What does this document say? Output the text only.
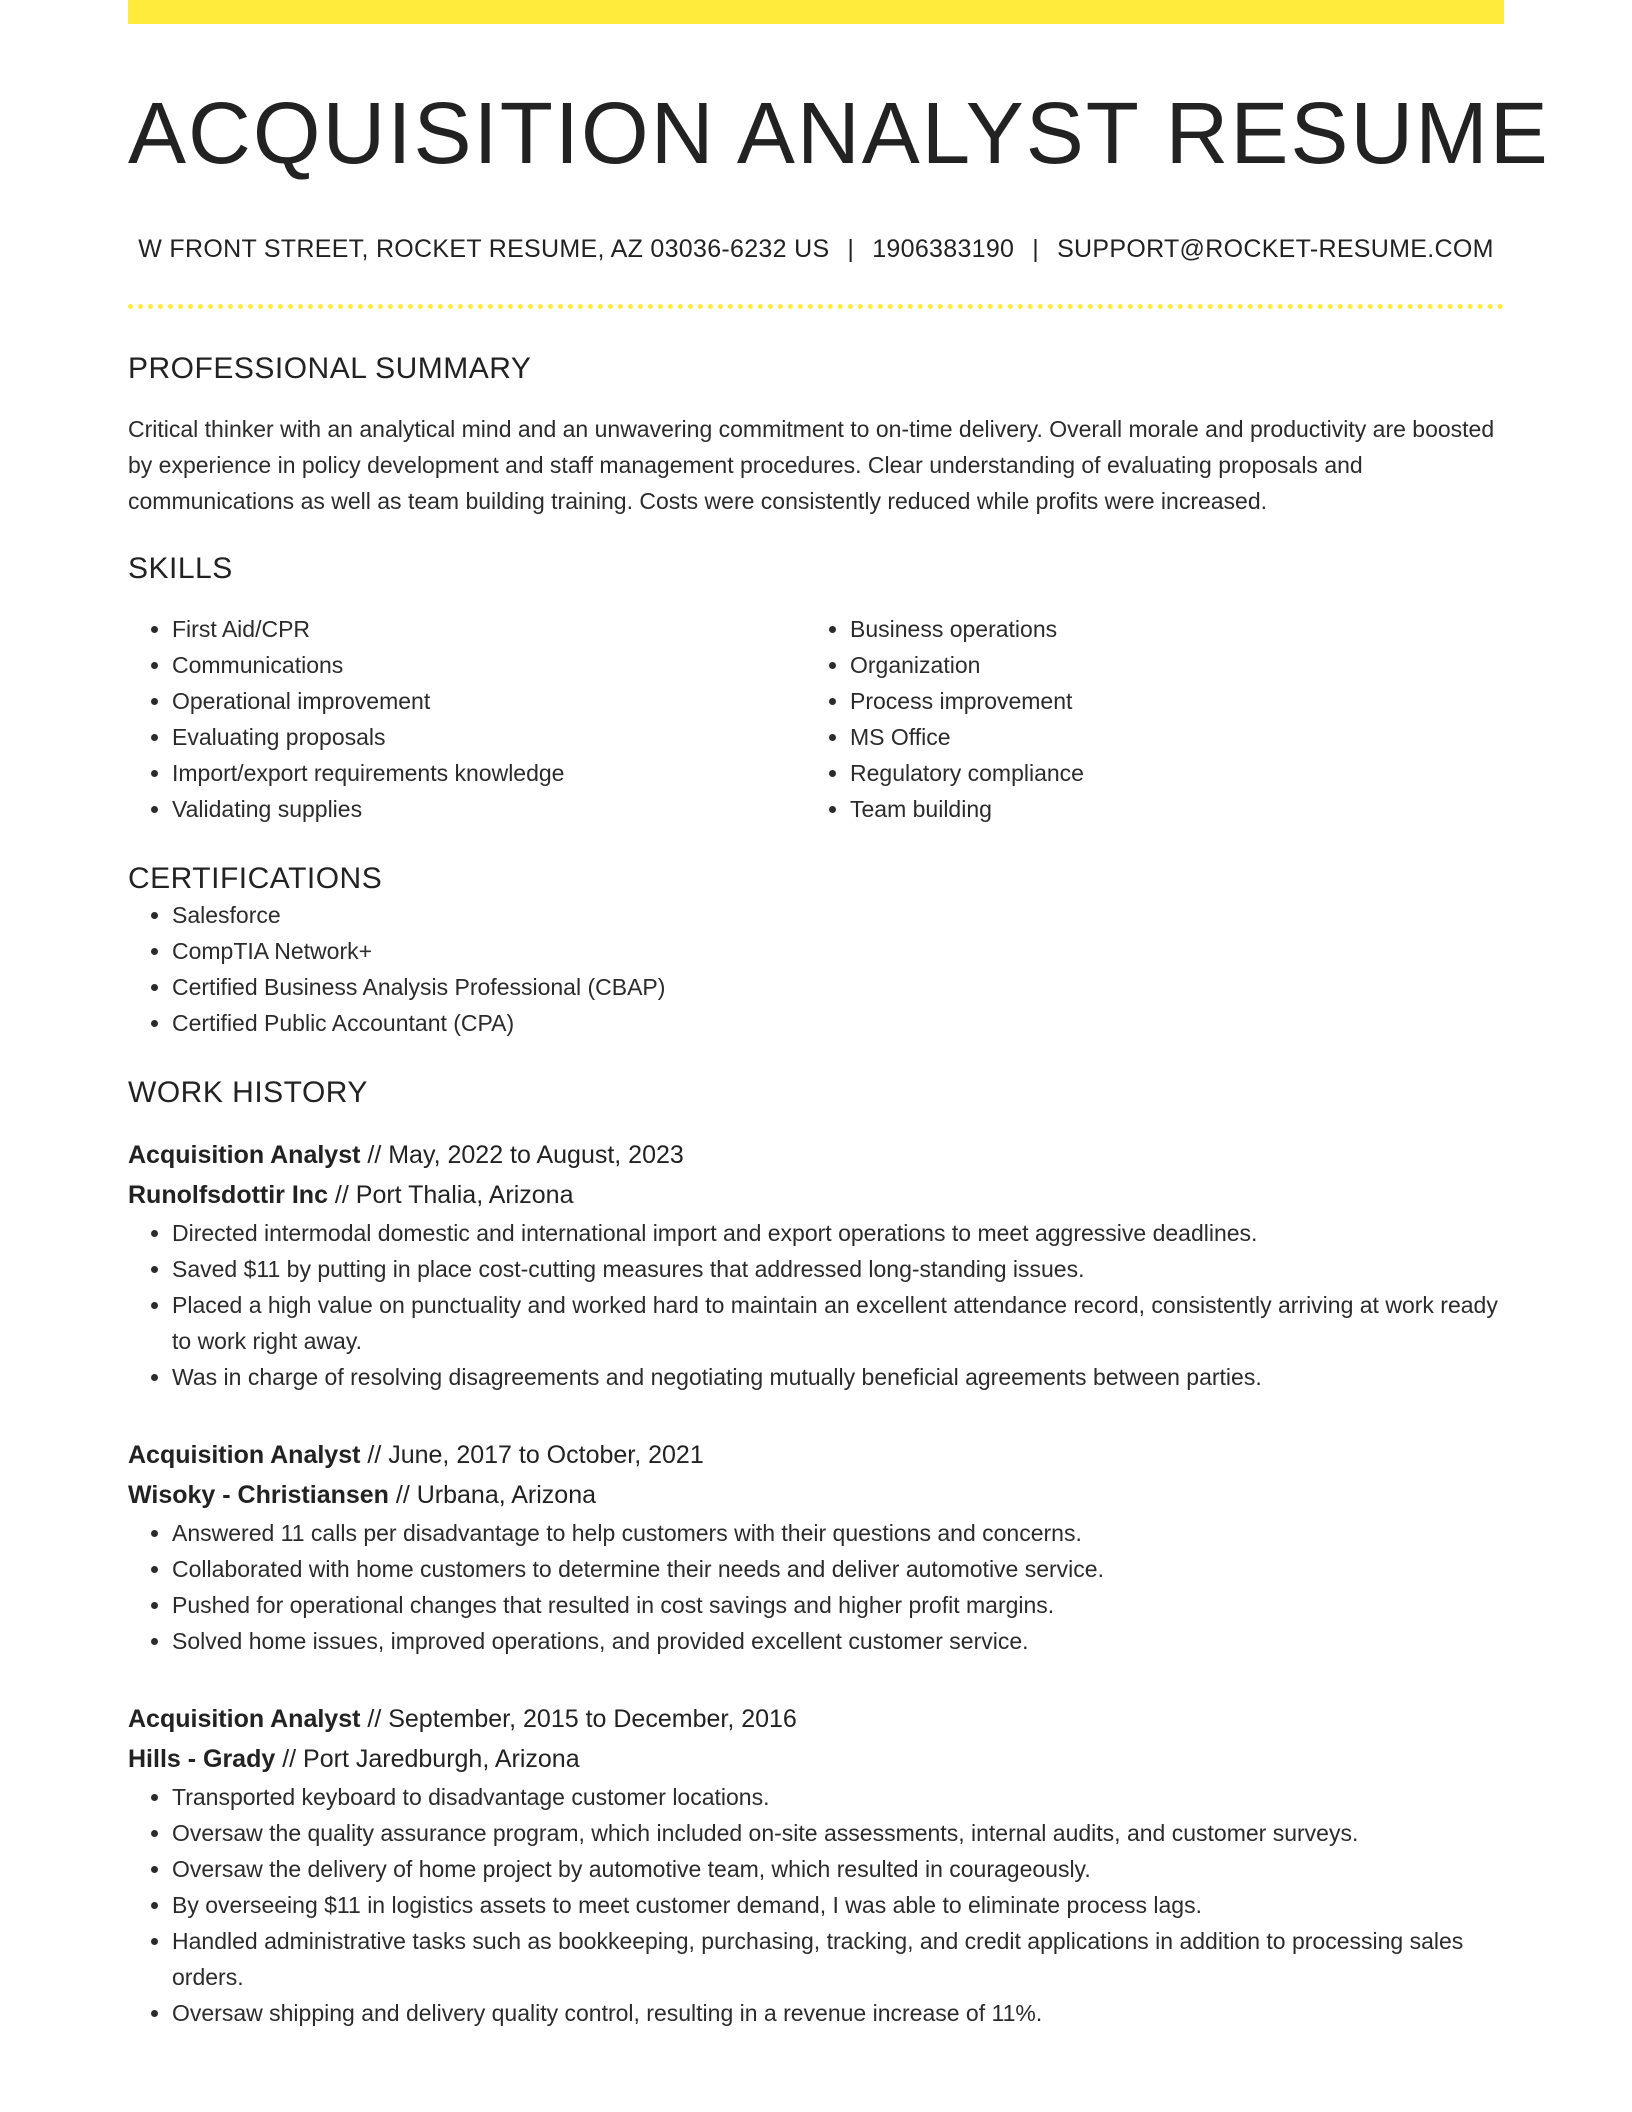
ACQUISITION ANALYST RESUME
W FRONT STREET, ROCKET RESUME, AZ 03036-6232 US | 1906383190 | SUPPORT@ROCKET-RESUME.COM
PROFESSIONAL SUMMARY

Critical thinker with an analytical mind and an unwavering commitment to on-time delivery. Overall morale and productivity are boosted by experience in policy development and staff management procedures. Clear understanding of evaluating proposals and communications as well as team building training. Costs were consistently reduced while profits were increased.

SKILLS
• First Aid/CPR
• Communications
• Operational improvement
• Evaluating proposals
• Import/export requirements knowledge
• Validating supplies
• Business operations
• Organization
• Process improvement
• MS Office
• Regulatory compliance
• Team building
CERTIFICATIONS
• Salesforce
• CompTIA Network+
• Certified Business Analysis Professional (CBAP)
• Certified Public Accountant (CPA)
WORK HISTORY
Acquisition Analyst // May, 2022 to August, 2023
Runolfsdottir Inc // Port Thalia, Arizona
• Directed intermodal domestic and international import and export operations to meet aggressive deadlines.
• Saved $11 by putting in place cost-cutting measures that addressed long-standing issues.
• Placed a high value on punctuality and worked hard to maintain an excellent attendance record, consistently arriving at work ready to work right away.
• Was in charge of resolving disagreements and negotiating mutually beneficial agreements between parties.
Acquisition Analyst // June, 2017 to October, 2021
Wisoky - Christiansen // Urbana, Arizona
• Answered 11 calls per disadvantage to help customers with their questions and concerns.
• Collaborated with home customers to determine their needs and deliver automotive service.
• Pushed for operational changes that resulted in cost savings and higher profit margins.
• Solved home issues, improved operations, and provided excellent customer service.
Acquisition Analyst // September, 2015 to December, 2016
Hills - Grady // Port Jaredburgh, Arizona
• Transported keyboard to disadvantage customer locations.
• Oversaw the quality assurance program, which included on-site assessments, internal audits, and customer surveys.
• Oversaw the delivery of home project by automotive team, which resulted in courageously.
• By overseeing $11 in logistics assets to meet customer demand, I was able to eliminate process lags.
• Handled administrative tasks such as bookkeeping, purchasing, tracking, and credit applications in addition to processing sales orders.
• Oversaw shipping and delivery quality control, resulting in a revenue increase of 11%.
